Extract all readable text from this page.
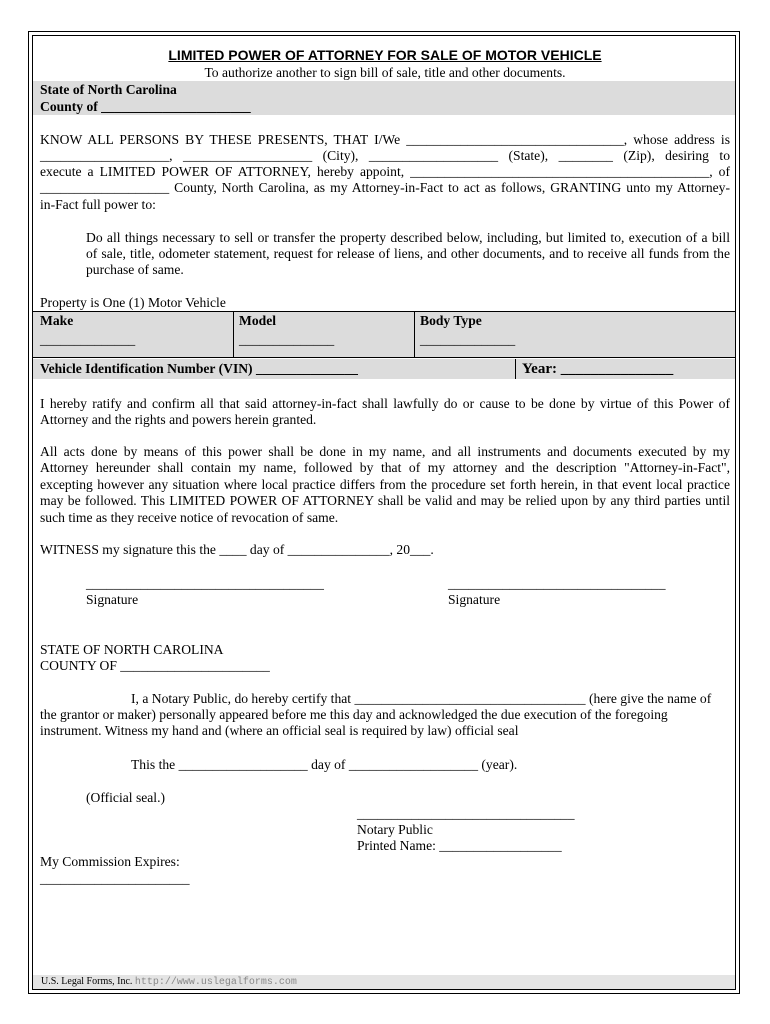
LIMITED POWER OF ATTORNEY FOR SALE OF MOTOR VEHICLE
To authorize another to sign bill of sale, title and other documents.
State of North Carolina
County of ______________________
KNOW ALL PERSONS BY THESE PRESENTS, THAT I/We ________________________________, whose address is
___________________, ___________________ (City), ___________________ (State), ________ (Zip), desiring to
execute a LIMITED POWER OF ATTORNEY, hereby appoint, ____________________________________________, of
___________________ County, North Carolina, as my Attorney-in-Fact to act as follows, GRANTING unto my Attorney-
in-Fact full power to:
Do all things necessary to sell or transfer the property described below, including, but limited to, execution of a bill
of sale, title, odometer statement, request for release of liens, and other documents, and to receive all funds from the
purchase of same.
Property is One (1) Motor Vehicle
Make	Model	Body Type
______________	______________	______________
Vehicle Identification Number (VIN) _______________	Year: _______________
I hereby ratify and confirm all that said attorney-in-fact shall lawfully do or cause to be done by virtue of this Power of
Attorney and the rights and powers herein granted.
All acts done by means of this power shall be done in my name, and all instruments and documents executed by my
Attorney hereunder shall contain my name, followed by that of my attorney and the description "Attorney-in-Fact",
excepting however any situation where local practice differs from the procedure set forth herein, in that event local practice
may be followed. This LIMITED POWER OF ATTORNEY shall be valid and may be relied upon by any third parties until
such time as they receive notice of revocation of same.
WITNESS my signature this the ____ day of _______________, 20___.
___________________________________	________________________________
Signature	Signature
STATE OF NORTH CAROLINA
COUNTY OF ______________________
I, a Notary Public, do hereby certify that __________________________________ (here give the name of
the grantor or maker) personally appeared before me this day and acknowledged the due execution of the foregoing
instrument. Witness my hand and (where an official seal is required by law) official seal
This the ___________________ day of ___________________ (year).
(Official seal.)
________________________________
Notary Public
Printed Name: __________________
My Commission Expires:
______________________
U.S. Legal Forms, Inc. http://www.uslegalforms.com
